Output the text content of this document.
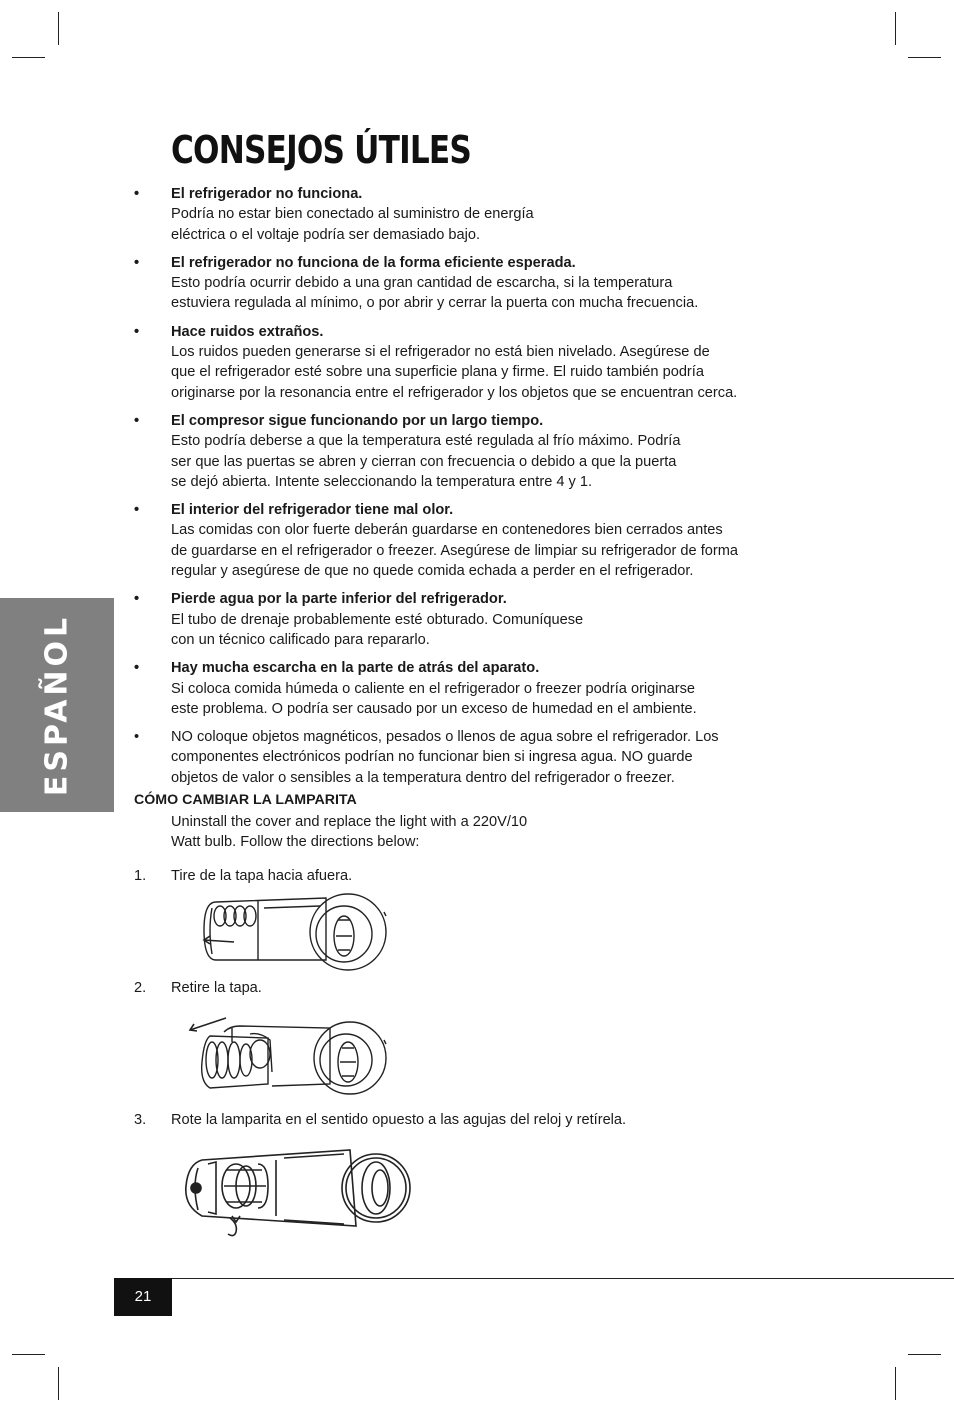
ESPAÑOL
CONSEJOS ÚTILES
• El refrigerador no funciona.
Podría no estar bien conectado al suministro de energía
eléctrica o el voltaje podría ser demasiado bajo.
• El refrigerador no funciona de la forma eficiente esperada.
Esto podría ocurrir debido a una gran cantidad de escarcha, si la temperatura
estuviera regulada al mínimo, o por abrir y cerrar la puerta con mucha frecuencia.
• Hace ruidos extraños.
Los ruidos pueden generarse si el refrigerador no está bien nivelado. Asegúrese de
que el refrigerador esté sobre una superficie plana y firme. El ruido también podría
originarse por la resonancia entre el refrigerador y los objetos que se encuentran cerca.
• El compresor sigue funcionando por un largo tiempo.
Esto podría deberse a que la temperatura esté regulada al frío máximo. Podría
ser que las puertas se abren y cierran con frecuencia o debido a que la puerta
se dejó abierta. Intente seleccionando la temperatura entre 4 y 1.
• El interior del refrigerador tiene mal olor.
Las comidas con olor fuerte deberán guardarse en contenedores bien cerrados antes
de guardarse en el refrigerador o freezer. Asegúrese de limpiar su refrigerador de forma
regular y asegúrese de que no quede comida echada a perder en el refrigerador.
• Pierde agua por la parte inferior del refrigerador.
El tubo de drenaje probablemente esté obturado. Comuníquese
con un técnico calificado para repararlo.
• Hay mucha escarcha en la parte de atrás del aparato.
Si coloca comida húmeda o caliente en el refrigerador o freezer podría originarse
este problema. O podría ser causado por un exceso de humedad en el ambiente.
• NO coloque objetos magnéticos, pesados o llenos de agua sobre el refrigerador. Los
componentes electrónicos podrían no funcionar bien si ingresa agua. NO guarde
objetos de valor o sensibles a la temperatura dentro del refrigerador o freezer.
CÓMO CAMBIAR LA LAMPARITA
Uninstall the cover and replace the light with a 220V/10
Watt bulb. Follow the directions below:
1. Tire de la tapa hacia afuera.
2. Retire la tapa.
3. Rote la lamparita en el sentido opuesto a las agujas del reloj y retírela.
21
